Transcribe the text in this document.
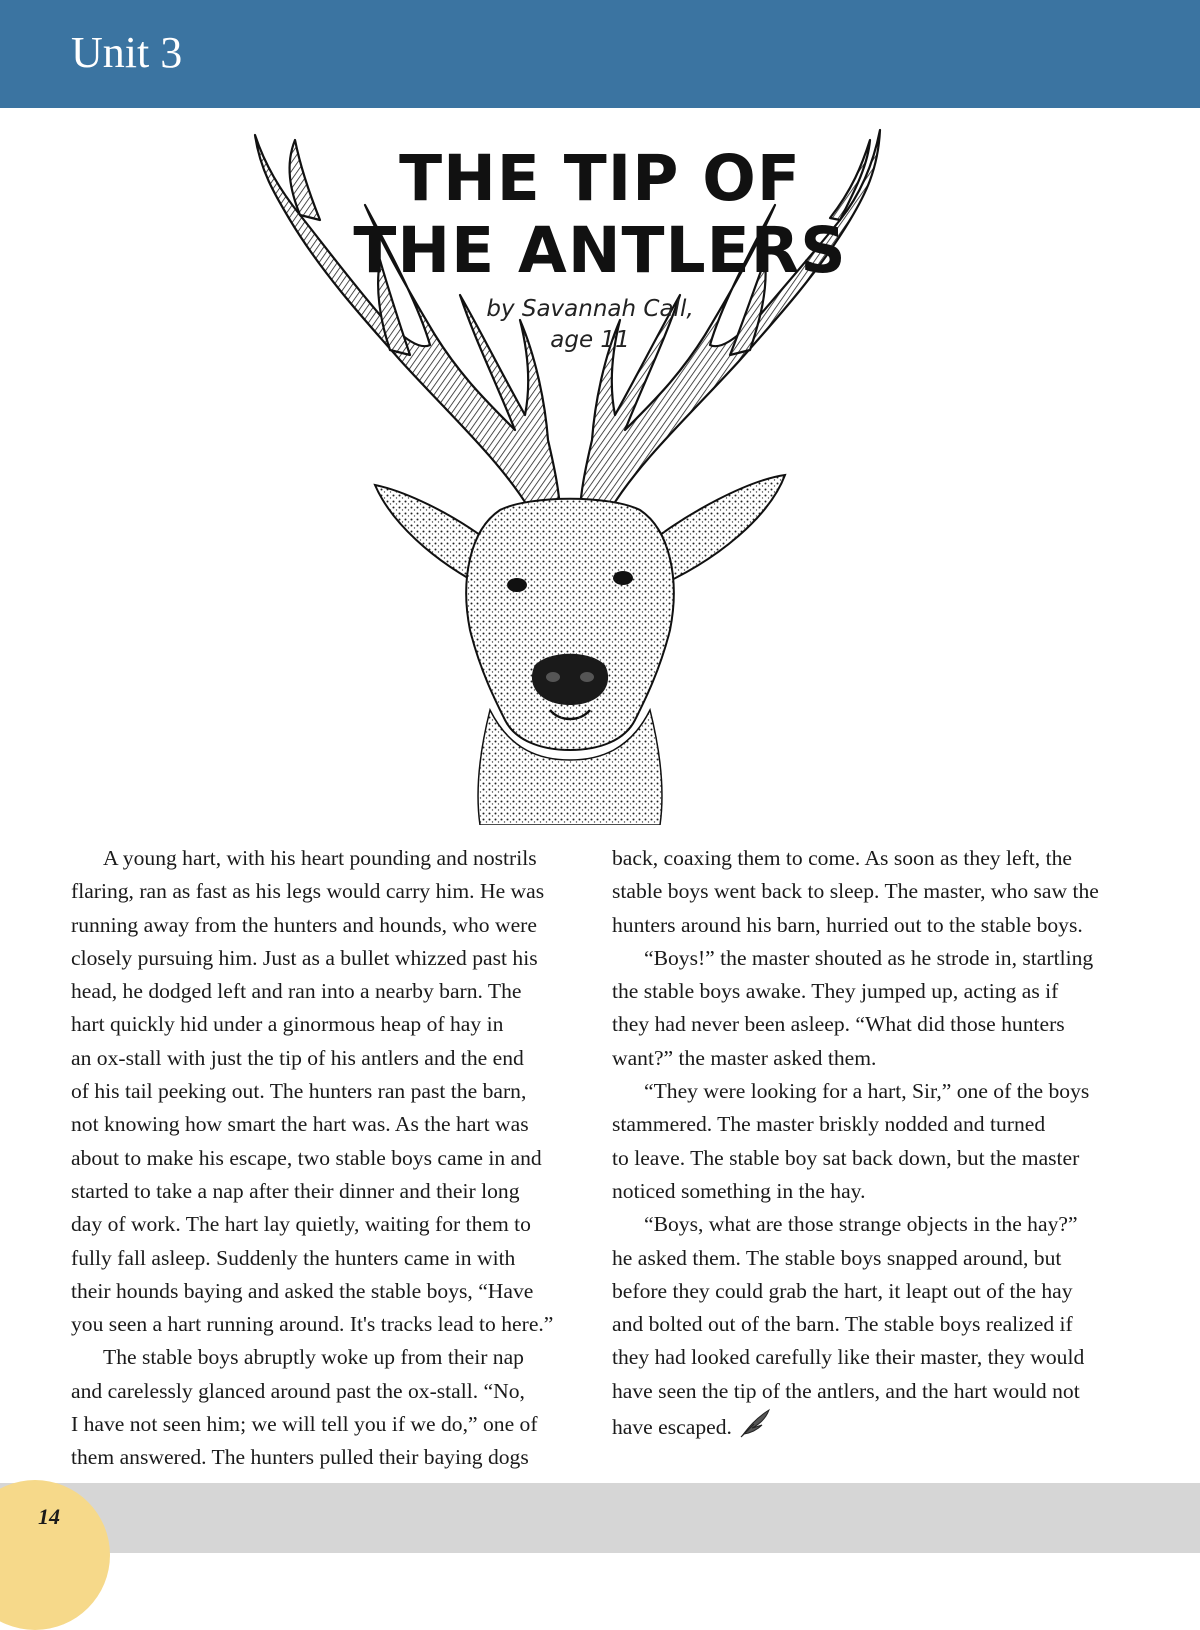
Unit 3
THE TIP OF
THE ANTLERS
by Savannah Call,
age 11
A young hart, with his heart pounding and nostrils
flaring, ran as fast as his legs would carry him. He was
running away from the hunters and hounds, who were
closely pursuing him. Just as a bullet whizzed past his
head, he dodged left and ran into a nearby barn. The
hart quickly hid under a ginormous heap of hay in
an ox-stall with just the tip of his antlers and the end
of his tail peeking out. The hunters ran past the barn,
not knowing how smart the hart was. As the hart was
about to make his escape, two stable boys came in and
started to take a nap after their dinner and their long
day of work. The hart lay quietly, waiting for them to
fully fall asleep. Suddenly the hunters came in with
their hounds baying and asked the stable boys, “Have
you seen a hart running around. It's tracks lead to here.”
The stable boys abruptly woke up from their nap
and carelessly glanced around past the ox-stall. “No,
I have not seen him; we will tell you if we do,” one of
them answered. The hunters pulled their baying dogs
back, coaxing them to come. As soon as they left, the
stable boys went back to sleep. The master, who saw the
hunters around his barn, hurried out to the stable boys.
“Boys!” the master shouted as he strode in, startling
the stable boys awake. They jumped up, acting as if
they had never been asleep. “What did those hunters
want?” the master asked them.
“They were looking for a hart, Sir,” one of the boys
stammered. The master briskly nodded and turned
to leave. The stable boy sat back down, but the master
noticed something in the hay.
“Boys, what are those strange objects in the hay?”
he asked them. The stable boys snapped around, but
before they could grab the hart, it leapt out of the hay
and bolted out of the barn. The stable boys realized if
they had looked carefully like their master, they would
have seen the tip of the antlers, and the hart would not
have escaped.
14
